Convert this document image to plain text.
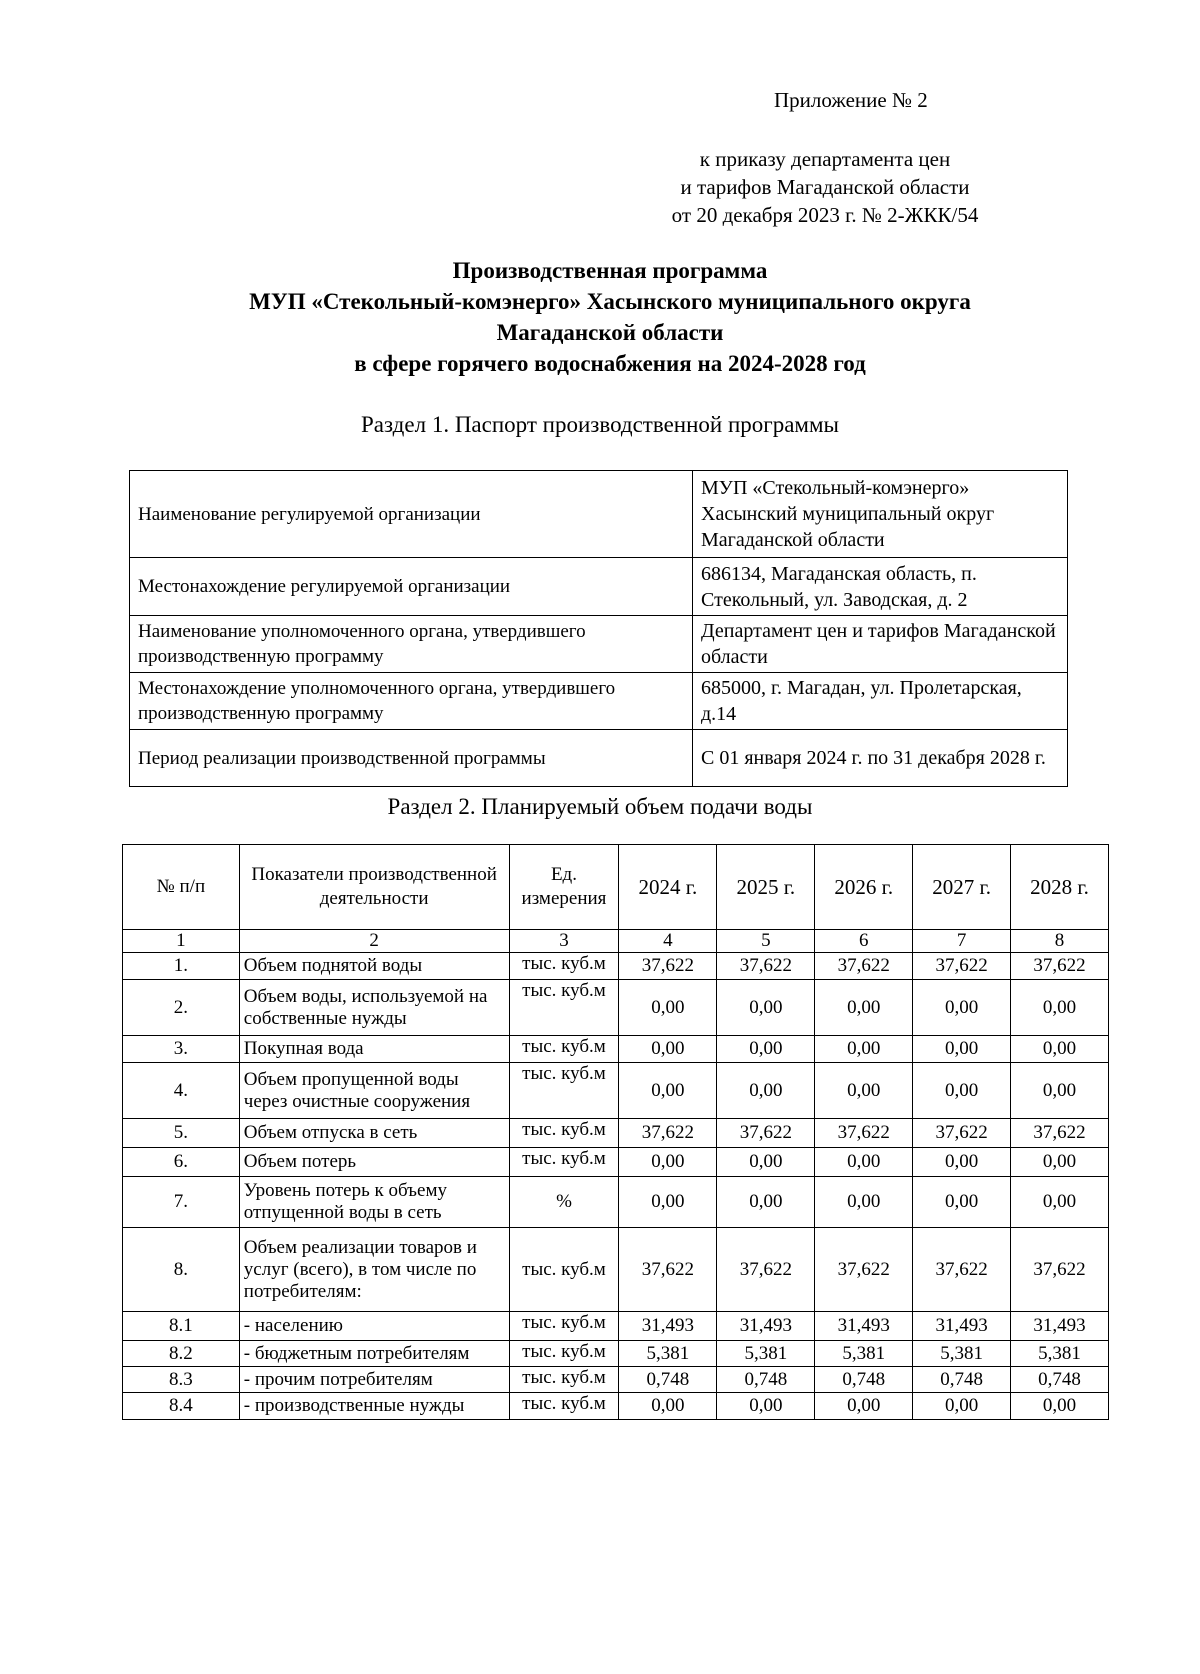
Приложение № 2
к приказу департамента цен
и тарифов Магаданской области
от 20 декабря 2023 г. № 2-ЖКК/54
Производственная программа
МУП «Стекольный-комэнерго» Хасынского муниципального округа
Магаданской области
в сфере горячего водоснабжения на 2024-2028 год
Раздел 1. Паспорт производственной программы
Наименование регулируемой организации	МУП «Стекольный-комэнерго»
Хасынский муниципальный округ
Магаданской области

Местонахождение регулируемой организации	686134, Магаданская область, п.
Стекольный, ул. Заводская, д. 2

Наименование уполномоченного органа, утвердившего производственную программу	Департамент цен и тарифов Магаданской
области

Местонахождение уполномоченного органа, утвердившего производственную программу	685000, г. Магадан, ул. Пролетарская, д.14

Период реализации производственной программы	С 01 января 2024 г. по 31 декабря 2028 г.
Раздел 2. Планируемый объем подачи воды
№ п/п	Показатели производственной деятельности	Ед. измерения	2024 г.	2025 г.	2026 г.	2027 г.	2028 г.
1	2	3	4	5	6	7	8
1.	Объем поднятой воды	тыс. куб.м	37,622	37,622	37,622	37,622	37,622
2.	Объем воды, используемой на собственные нужды	тыс. куб.м	0,00	0,00	0,00	0,00	0,00
3.	Покупная вода	тыс. куб.м	0,00	0,00	0,00	0,00	0,00
4.	Объем пропущенной воды через очистные сооружения	тыс. куб.м	0,00	0,00	0,00	0,00	0,00
5.	Объем отпуска в сеть	тыс. куб.м	37,622	37,622	37,622	37,622	37,622
6.	Объем потерь	тыс. куб.м	0,00	0,00	0,00	0,00	0,00
7.	Уровень потерь к объему отпущенной воды в сеть	%	0,00	0,00	0,00	0,00	0,00
8.	Объем реализации товаров и услуг (всего), в том числе по потребителям:	тыс. куб.м	37,622	37,622	37,622	37,622	37,622
8.1	- населению	тыс. куб.м	31,493	31,493	31,493	31,493	31,493
8.2	- бюджетным потребителям	тыс. куб.м	5,381	5,381	5,381	5,381	5,381
8.3	- прочим потребителям	тыс. куб.м	0,748	0,748	0,748	0,748	0,748
8.4	- производственные нужды	тыс. куб.м	0,00	0,00	0,00	0,00	0,00
